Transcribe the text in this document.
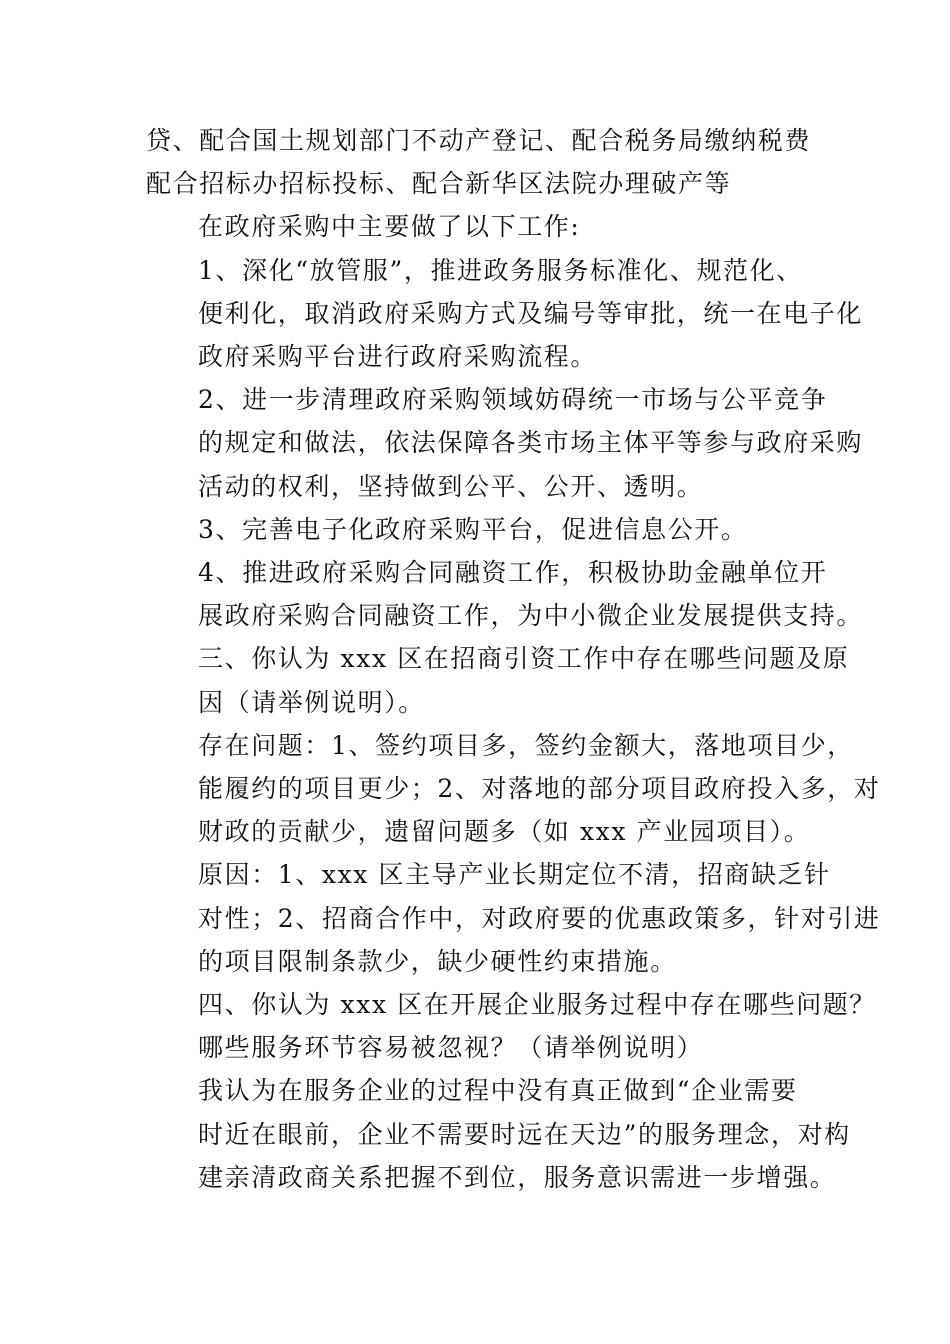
贷、配合国土规划部门不动产登记、配合税务局缴纳税费
配合招标办招标投标、配合新华区法院办理破产等

在政府采购中主要做了以下工作:

1、深化“放管服”，推进政务服务标准化、规范化、
便利化，取消政府采购方式及编号等审批，统一在电子化
政府采购平台进行政府采购流程。

2、进一步清理政府采购领域妨碍统一市场与公平竞争
的规定和做法，依法保障各类市场主体平等参与政府采购
活动的权利，坚持做到公平、公开、透明。

3、完善电子化政府采购平台，促进信息公开。

4、推进政府采购合同融资工作，积极协助金融单位开
展政府采购合同融资工作，为中小微企业发展提供支持。

三、你认为 xxx 区在招商引资工作中存在哪些问题及原
因（请举例说明）。

存在问题：1、签约项目多，签约金额大，落地项目少，
能履约的项目更少；2、对落地的部分项目政府投入多，对
财政的贡献少，遗留问题多（如 xxx 产业园项目）。

原因：1、xxx 区主导产业长期定位不清，招商缺乏针
对性；2、招商合作中，对政府要的优惠政策多，针对引进
的项目限制条款少，缺少硬性约束措施。

四、你认为 xxx 区在开展企业服务过程中存在哪些问题？
哪些服务环节容易被忽视？（请举例说明）

我认为在服务企业的过程中没有真正做到“企业需要
时近在眼前，企业不需要时远在天边”的服务理念，对构
建亲清政商关系把握不到位，服务意识需进一步增强。
